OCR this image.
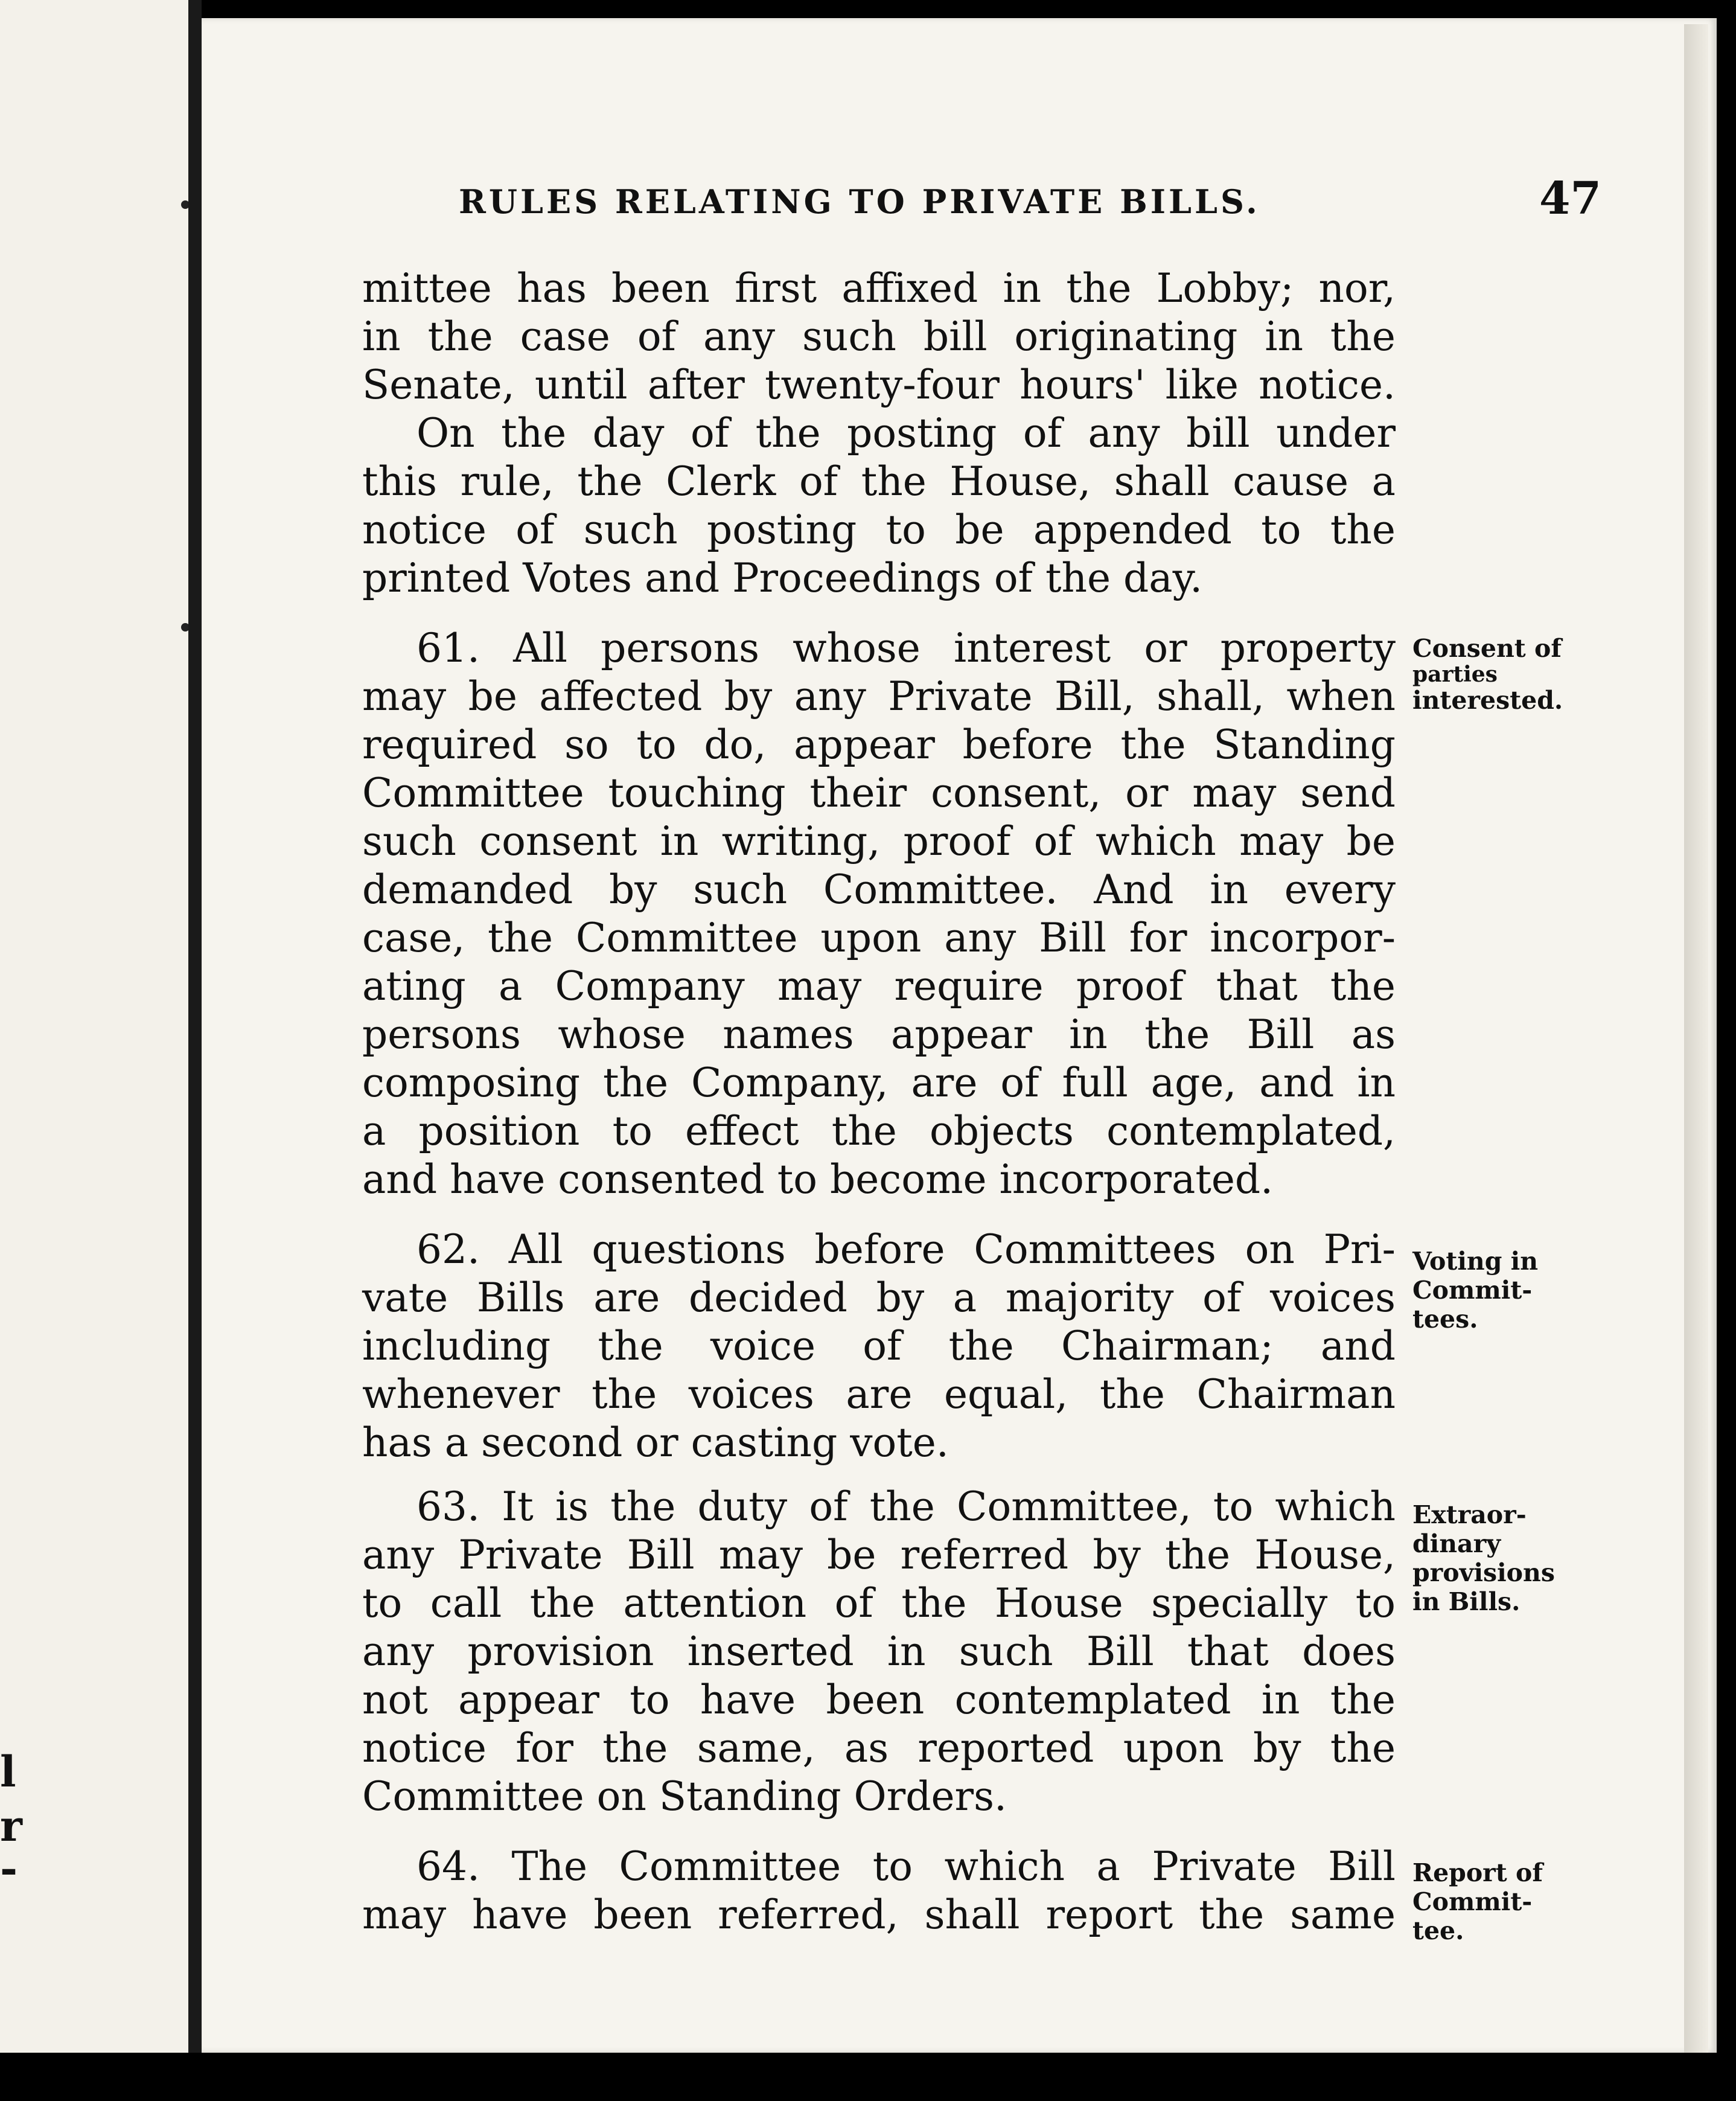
l
r
-
RULES RELATING TO PRIVATE BILLS.	47
mittee has been first affixed in the Lobby; nor,
in the case of any such bill originating in the
Senate, until after twenty-four hours' like notice.
On the day of the posting of any bill under
this rule, the Clerk of the House, shall cause a
notice of such posting to be appended to the
printed Votes and Proceedings of the day.
61. All persons whose interest or property
may be affected by any Private Bill, shall, when
required so to do, appear before the Standing
Committee touching their consent, or may send
such consent in writing, proof of which may be
demanded by such Committee. And in every
case, the Committee upon any Bill for incorpor-
ating a Company may require proof that the
persons whose names appear in the Bill as
composing the Company, are of full age, and in
a position to effect the objects contemplated,
and have consented to become incorporated.
Consent of
parties
interested.
62. All questions before Committees on Pri-
vate Bills are decided by a majority of voices
including the voice of the Chairman; and
whenever the voices are equal, the Chairman
has a second or casting vote.
Voting in
Commit-
tees.
63. It is the duty of the Committee, to which
any Private Bill may be referred by the House,
to call the attention of the House specially to
any provision inserted in such Bill that does
not appear to have been contemplated in the
notice for the same, as reported upon by the
Committee on Standing Orders.
Extraor-
dinary
provisions
in Bills.
64. The Committee to which a Private Bill
may have been referred, shall report the same
Report of
Commit-
tee.
